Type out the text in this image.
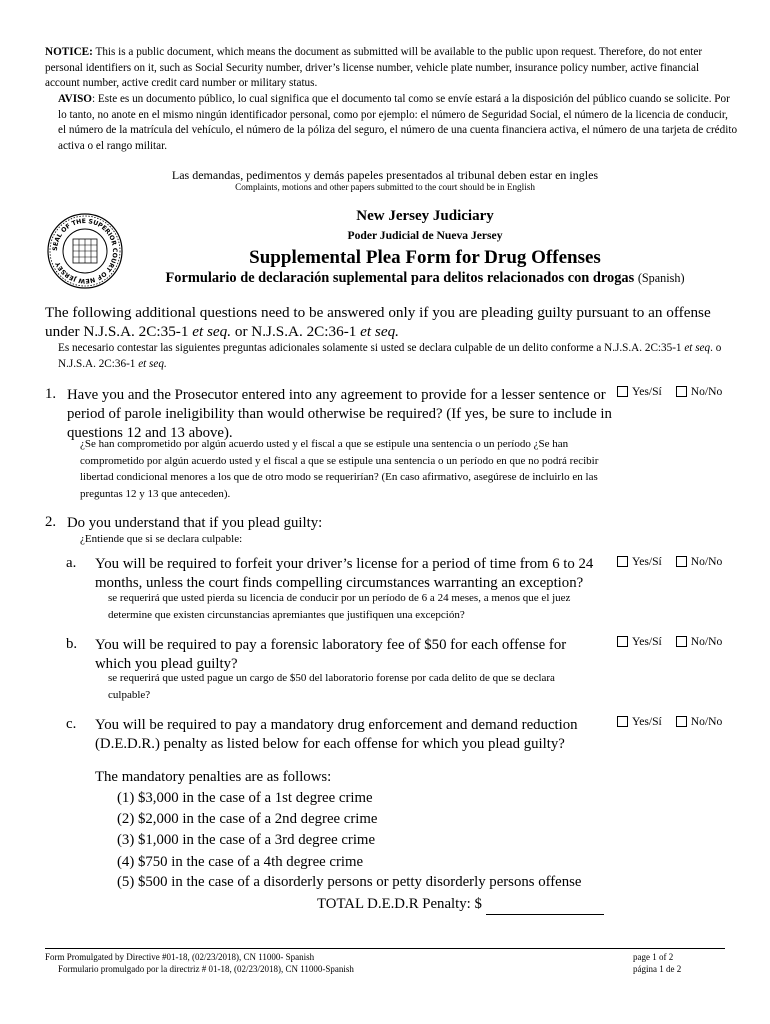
NOTICE: This is a public document, which means the document as submitted will be available to the public upon request. Therefore, do not enter personal identifiers on it, such as Social Security number, driver’s license number, vehicle plate number, insurance policy number, active financial account number, active credit card number or military status.
AVISO: Este es un documento público, lo cual significa que el documento tal como se envíe estará a la disposición del público cuando se solicite. Por lo tanto, no anote en el mismo ningún identificador personal, como por ejemplo: el número de Seguridad Social, el número de la licencia de conducir, el número de la matrícula del vehículo, el número de la póliza del seguro, el número de una cuenta financiera activa, el número de una tarjeta de crédito activa o el rango militar.
Las demandas, pedimentos y demás papeles presentados al tribunal deben estar en ingles
Complaints, motions and other papers submitted to the court should be in English
SEAL OF THE SUPERIOR COURT OF NEW JERSEY
New Jersey Judiciary
Poder Judicial de Nueva Jersey
Supplemental Plea Form for Drug Offenses
Formulario de declaración suplemental para delitos relacionados con drogas (Spanish)
The following additional questions need to be answered only if you are pleading guilty pursuant to an offense under N.J.S.A. 2C:35-1 et seq. or N.J.S.A. 2C:36-1 et seq.
Es necesario contestar las siguientes preguntas adicionales solamente si usted se declara culpable de un delito conforme a N.J.S.A. 2C:35-1 et seq. o N.J.S.A. 2C:36-1 et seq.
1. Have you and the Prosecutor entered into any agreement to provide for a lesser sentence or period of parole ineligibility than would otherwise be required? (If yes, be sure to include in questions 12 and 13 above).
¿Se han comprometido por algún acuerdo usted y el fiscal a que se estipule una sentencia o un período ¿Se han comprometido por algún acuerdo usted y el fiscal a que se estipule una sentencia o un período en que no podrá recibir libertad condicional menores a los que de otro modo se requerirían? (En caso afirmativo, asegúrese de incluirlo en las preguntas 12 y 13 que anteceden).
Yes/Sí	No/No
2. Do you understand that if you plead guilty:
¿Entiende que si se declara culpable:
a. You will be required to forfeit your driver’s license for a period of time from 6 to 24 months, unless the court finds compelling circumstances warranting an exception?
se requerirá que usted pierda su licencia de conducir por un período de 6 a 24 meses, a menos que el juez determine que existen circunstancias apremiantes que justifiquen una excepción?
Yes/Sí	No/No
b. You will be required to pay a forensic laboratory fee of $50 for each offense for which you plead guilty?
se requerirá que usted pague un cargo de $50 del laboratorio forense por cada delito de que se declara culpable?
Yes/Sí	No/No
c. You will be required to pay a mandatory drug enforcement and demand reduction (D.E.D.R.) penalty as listed below for each offense for which you plead guilty?
Yes/Sí	No/No
The mandatory penalties are as follows:
(1) $3,000 in the case of a 1st degree crime
(2) $2,000 in the case of a 2nd degree crime
(3) $1,000 in the case of a 3rd degree crime
(4) $750 in the case of a 4th degree crime
(5) $500 in the case of a disorderly persons or petty disorderly persons offense
TOTAL D.E.D.R Penalty: $
Form Promulgated by Directive #01-18, (02/23/2018), CN 11000- Spanish
Formulario promulgado por la directriz # 01-18, (02/23/2018), CN 11000-Spanish
page 1 of 2
página 1 de 2
